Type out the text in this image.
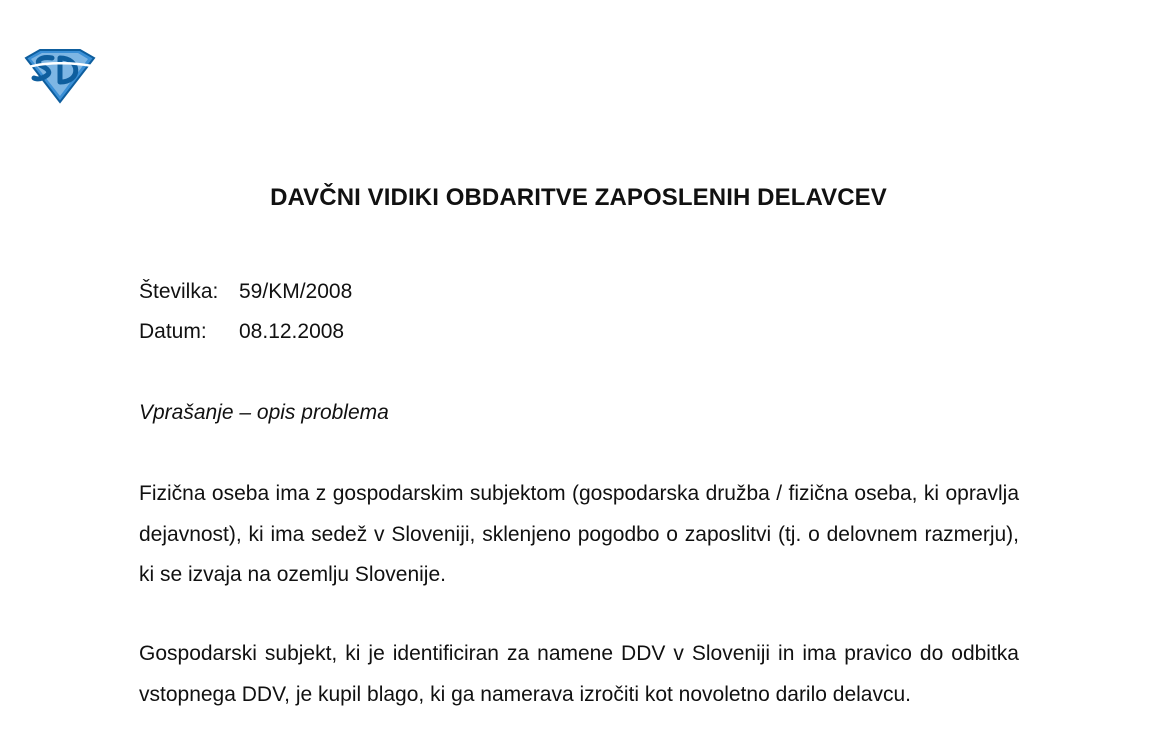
DAVČNI VIDIKI OBDARITVE ZAPOSLENIH DELAVCEV
Številka: 59/KM/2008
Datum: 08.12.2008
Vprašanje – opis problema

Fizična oseba ima z gospodarskim subjektom (gospodarska družba / fizična oseba, ki opravlja dejavnost), ki ima sedež v Sloveniji, sklenjeno pogodbo o zaposlitvi (tj. o delovnem razmerju), ki se izvaja na ozemlju Slovenije.

Gospodarski subjekt, ki je identificiran za namene DDV v Sloveniji in ima pravico do odbitka vstopnega DDV, je kupil blago, ki ga namerava izročiti kot novoletno darilo delavcu.
